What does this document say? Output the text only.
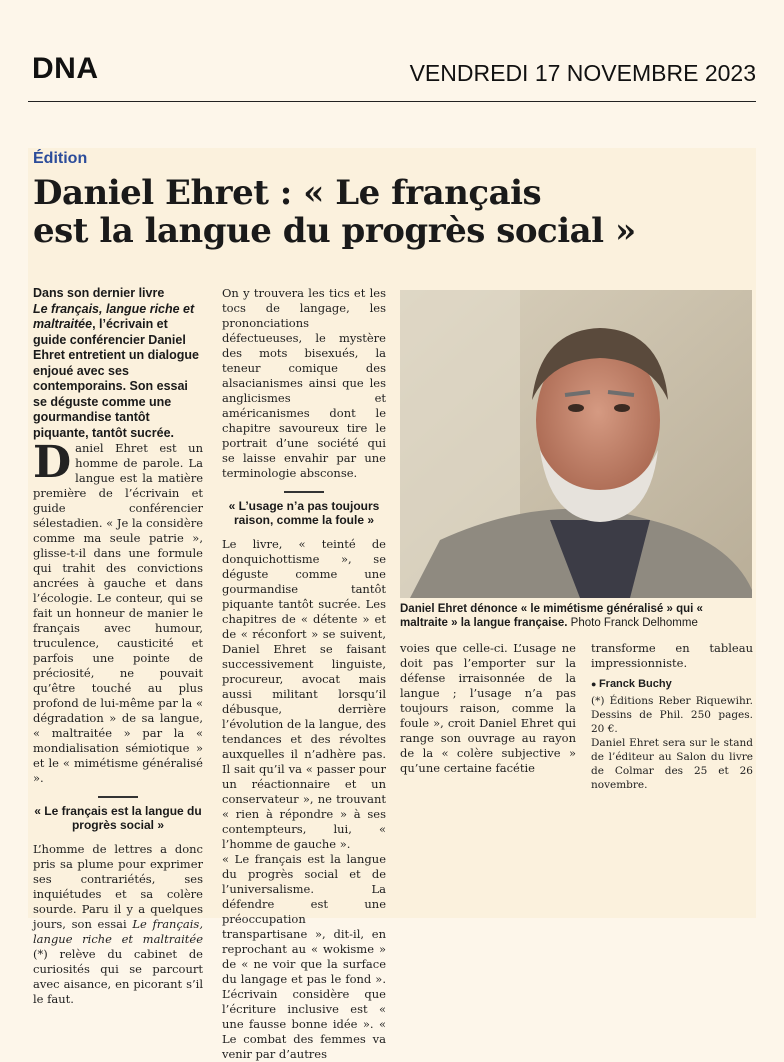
DNA	VENDREDI 17 NOVEMBRE 2023
Édition
Daniel Ehret : « Le français
est la langue du progrès social »
Dans son dernier livre
Le français, langue riche et maltraitée, l’écrivain et guide conférencier Daniel Ehret entretient un dialogue enjoué avec ses contemporains. Son essai se déguste comme une gourmandise tantôt piquante, tantôt sucrée.
Daniel Ehret est un homme de parole. La langue est la matière première de l’écrivain et guide conférencier sélestadien. « Je la considère comme ma seule patrie », glisse-t-il dans une formule qui trahit des convictions ancrées à gauche et dans l’écologie. Le conteur, qui se fait un honneur de manier le français avec humour, truculence, causticité et parfois une pointe de préciosité, ne pouvait qu’être touché au plus profond de lui-même par la « dégradation » de sa langue, « maltraitée » par la « mondialisation sémiotique » et le « mimétisme généralisé ».
« Le français est la langue du progrès social »
L’homme de lettres a donc pris sa plume pour exprimer ses contrariétés, ses inquiétudes et sa colère sourde. Paru il y a quelques jours, son essai Le français, langue riche et maltraitée (*) relève du cabinet de curiosités qui se parcourt avec aisance, en picorant s’il le faut.
On y trouvera les tics et les tocs de langage, les prononciations défectueuses, le mystère des mots bisexués, la teneur comique des alsacianismes ainsi que les anglicismes et américanismes dont le chapitre savoureux tire le portrait d’une société qui se laisse envahir par une terminologie absconse.
« L’usage n’a pas toujours raison, comme la foule »
Le livre, « teinté de donquichottisme », se déguste comme une gourmandise tantôt piquante tantôt sucrée. Les chapitres de « détente » et de « réconfort » se suivent, Daniel Ehret se faisant successivement linguiste, procureur, avocat mais aussi militant lorsqu’il débusque, derrière l’évolution de la langue, des tendances et des révoltes auxquelles il n’adhère pas. Il sait qu’il va « passer pour un réactionnaire et un conservateur », ne trouvant « rien à répondre » à ses contempteurs, lui, « l’homme de gauche ».
« Le français est la langue du progrès social et de l’universalisme. La défendre est une préoccupation transpartisane », dit-il, en reprochant au « wokisme » de « ne voir que la surface du langage et pas le fond ». L’écrivain considère que l’écriture inclusive est « une fausse bonne idée ». « Le combat des femmes va venir par d’autres
Daniel Ehret dénonce « le mimétisme généralisé » qui « maltraite » la langue française. Photo Franck Delhomme
voies que celle-ci. L’usage ne doit pas l’emporter sur la défense irraisonnée de la langue ; l’usage n’a pas toujours raison, comme la foule », croit Daniel Ehret qui range son ouvrage au rayon de la « colère subjective » qu’une certaine facétie
transforme en tableau impressionniste.
● Franck Buchy
(*) Éditions Reber Riquewihr. Dessins de Phil. 250 pages. 20 €.
Daniel Ehret sera sur le stand de l’éditeur au Salon du livre de Colmar des 25 et 26 novembre.
